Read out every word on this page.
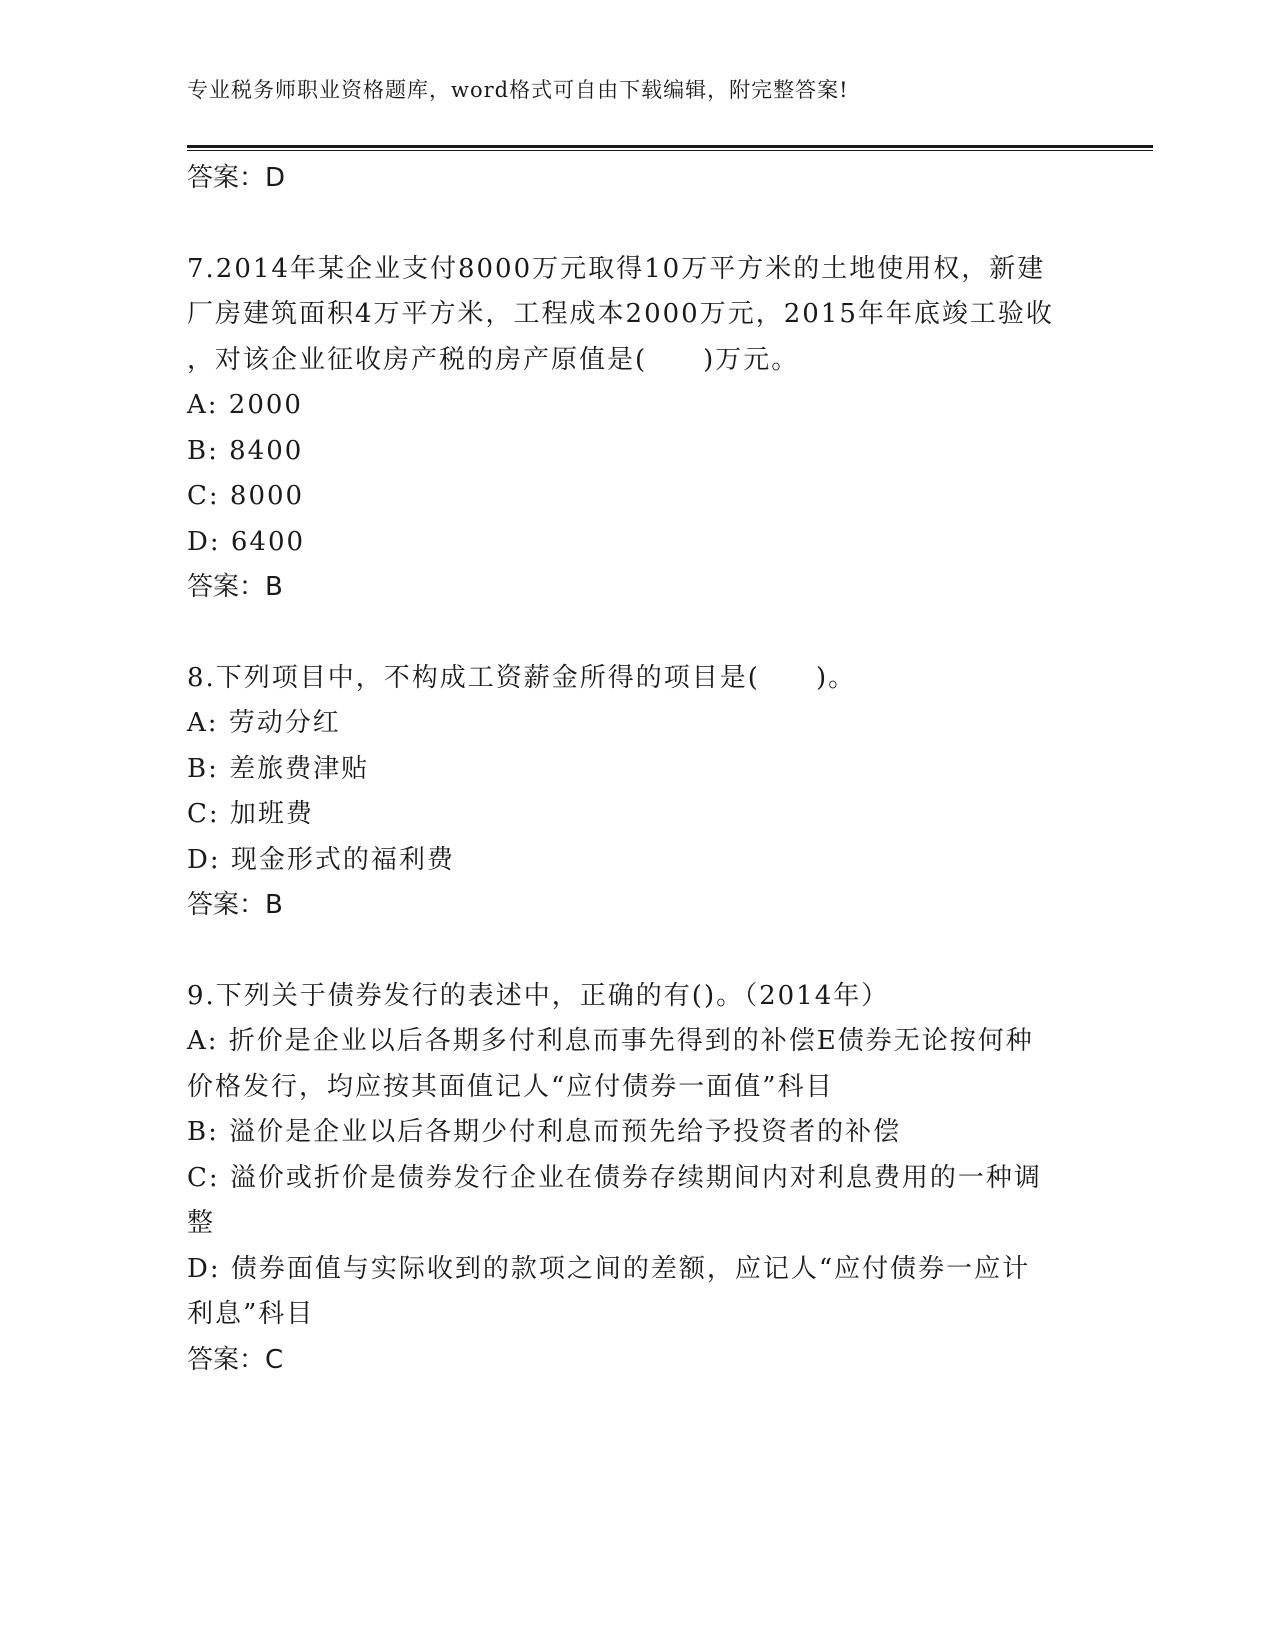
专业税务师职业资格题库，word格式可自由下载编辑，附完整答案!
答案：D
7.2014年某企业支付8000万元取得10万平方米的土地使用权，新建
厂房建筑面积4万平方米，工程成本2000万元，2015年年底竣工验收
，对该企业征收房产税的房产原值是(　　)万元。
A: 2000
B: 8400
C: 8000
D: 6400
答案：B
8.下列项目中，不构成工资薪金所得的项目是(　　)。
A: 劳动分红
B: 差旅费津贴
C: 加班费
D: 现金形式的福利费
答案：B
9.下列关于债券发行的表述中，正确的有()。（2014年）
A: 折价是企业以后各期多付利息而事先得到的补偿E债券无论按何种
价格发行，均应按其面值记人“应付债券一面值”科目
B: 溢价是企业以后各期少付利息而预先给予投资者的补偿
C: 溢价或折价是债券发行企业在债券存续期间内对利息费用的一种调
整
D: 债券面值与实际收到的款项之间的差额，应记人“应付债券一应计
利息”科目
答案：C
